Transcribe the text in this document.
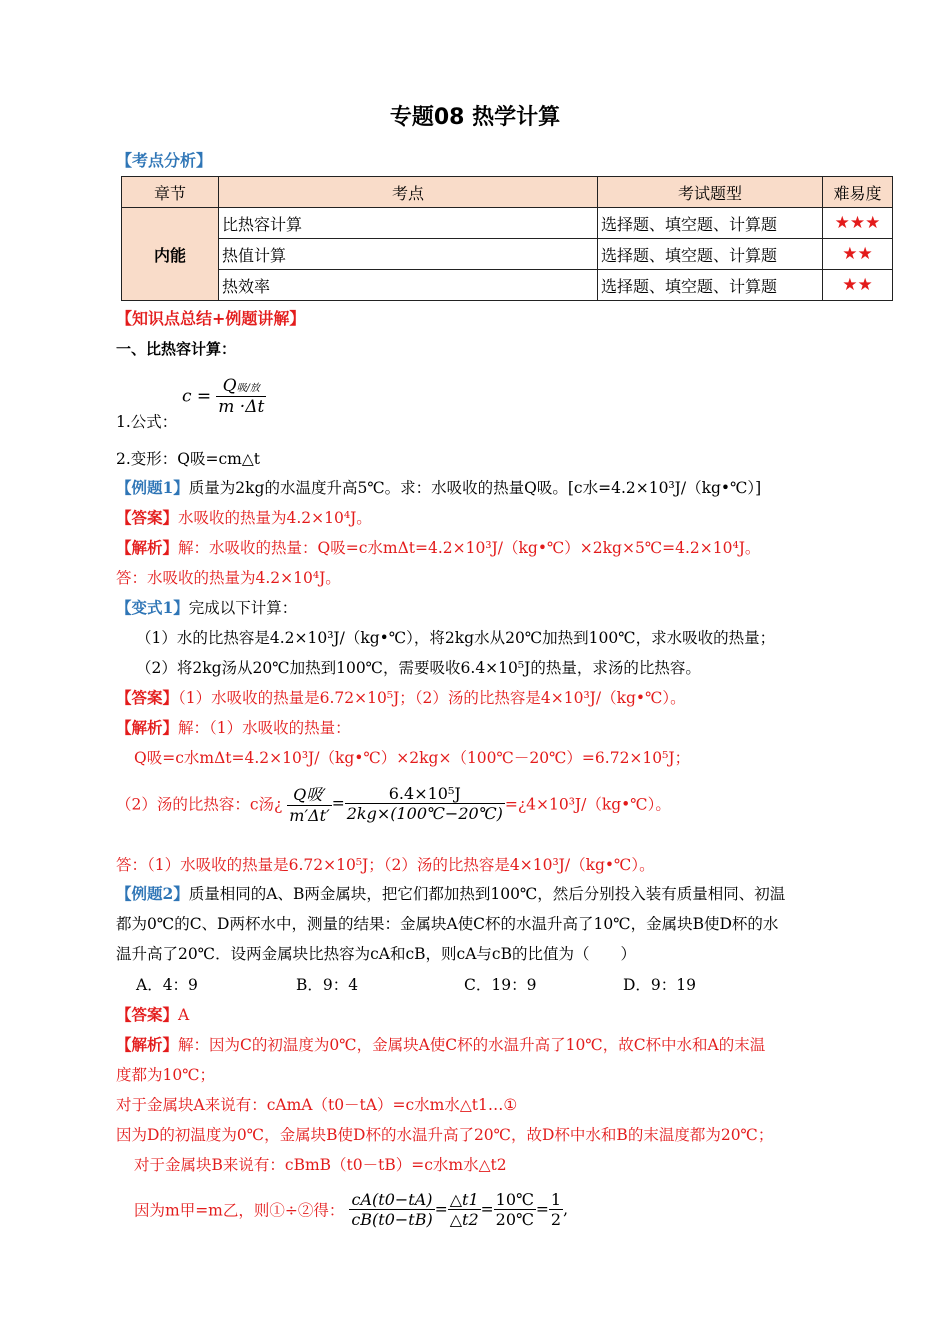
专题08 热学计算
【考点分析】
章节	考点	考试题型	难易度
内能	比热容计算	选择题、填空题、计算题	★★★
	热值计算	选择题、填空题、计算题	★★
	热效率	选择题、填空题、计算题	★★
【知识点总结+例题讲解】
一、比热容计算：
1.公式：
$c = \frac{\text{Q吸/放}}{m \cdot\Delta t}$
2.变形：Q吸=cm△t
【例题1】质量为2kg的水温度升高5℃。求：水吸收的热量Q吸。[c水=4.2×10³J/（kg•℃）]
【答案】水吸收的热量为4.2×10⁴J。
【解析】解：水吸收的热量：Q吸=c水mΔt=4.2×10³J/（kg•℃）×2kg×5℃=4.2×10⁴J。
答：水吸收的热量为4.2×10⁴J。
【变式1】完成以下计算：
（1）水的比热容是4.2×10³J/（kg•℃），将2kg水从20℃加热到100℃，求水吸收的热量；
（2）将2kg汤从20℃加热到100℃，需要吸收6.4×10⁵J的热量，求汤的比热容。
【答案】（1）水吸收的热量是6.72×10⁵J；（2）汤的比热容是4×10³J/（kg•℃）。
【解析】解：（1）水吸收的热量：
Q吸=c水mΔt=4.2×10³J/（kg•℃）×2kg×（100℃－20℃）=6.72×10⁵J；
（2）汤的比热容：c汤¿ $\frac{\text{Q吸′}}{m'\Delta t'} = \frac{\text{6.4×10⁵J}}{2kg\times(100℃-20℃)}$ =¿4×10³J/（kg•℃）。
答：（1）水吸收的热量是6.72×10⁵J；（2）汤的比热容是4×10³J/（kg•℃）。
【例题2】质量相同的A、B两金属块，把它们都加热到100℃，然后分别投入装有质量相同、初温
都为0℃的C、D两杯水中，测量的结果：金属块A使C杯的水温升高了10℃，金属块B使D杯的水
温升高了20℃．设两金属块比热容为cA和cB，则cA与cB的比值为（　　）
A．4：9	B．9：4	C．19：9	D．9：19
【答案】A
【解析】解：因为C的初温度为0℃，金属块A使C杯的水温升高了10℃，故C杯中水和A的末温
度都为10℃；
对于金属块A来说有：cAmA（t0－tA）=c水m水△t1…①
因为D的初温度为0℃，金属块B使D杯的水温升高了20℃，故D杯中水和B的末温度都为20℃；
对于金属块B来说有：cBmB（t0－tB）=c水m水△t2
因为m甲=m乙，则①÷②得： $\frac{cA(t0-tA)}{cB(t0-tB)} = \frac{\triangle t1}{\triangle t2} = \frac{10℃}{20℃} = \frac{1}{2}$ ,
